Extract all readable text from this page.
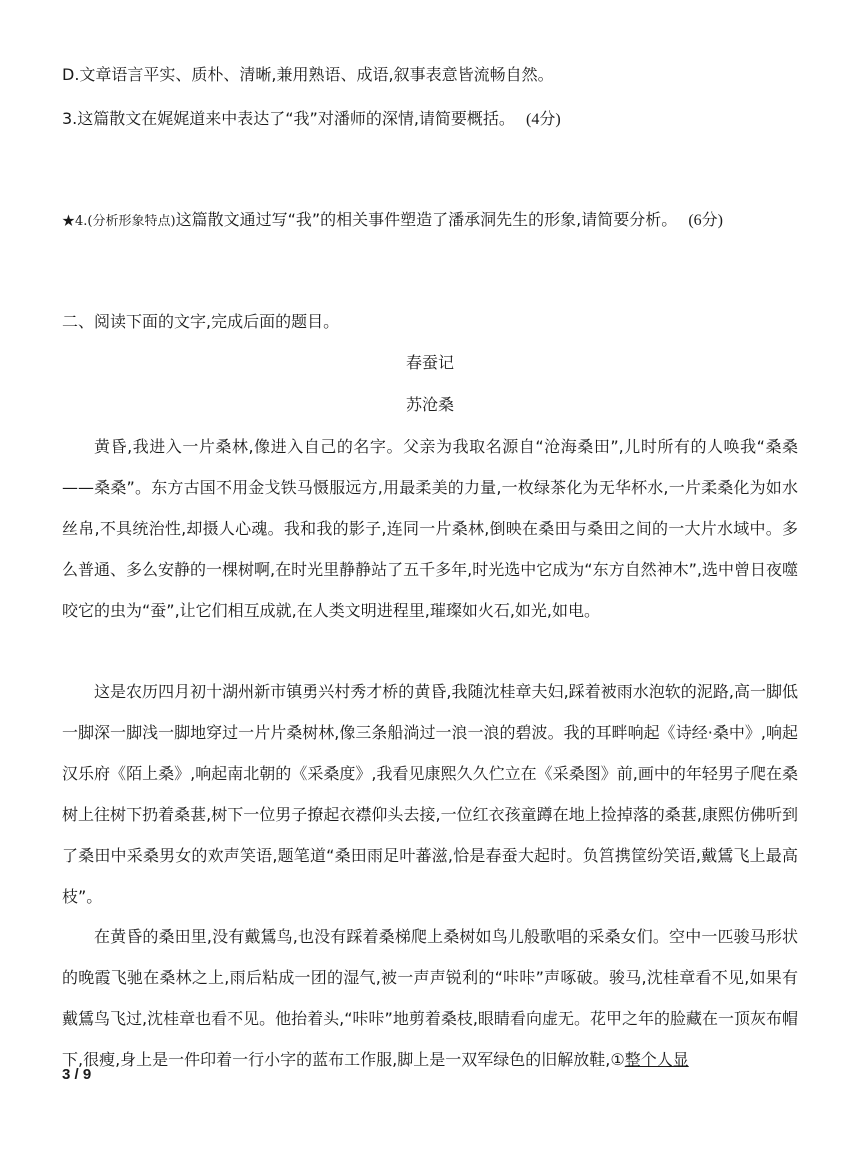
D.文章语言平实、质朴、清晰,兼用熟语、成语,叙事表意皆流畅自然。
3.这篇散文在娓娓道来中表达了“我”对潘师的深情,请简要概括。 (4分)
★4.(分析形象特点)这篇散文通过写“我”的相关事件塑造了潘承洞先生的形象,请简要分析。 (6分)
二、阅读下面的文字,完成后面的题目。
春蚕记
苏沧桑

黄昏,我进入一片桑林,像进入自己的名字。父亲为我取名源自“沧海桑田”,儿时所有的人唤我“桑桑——桑桑”。东方古国不用金戈铁马慑服远方,用最柔美的力量,一枚绿茶化为无华杯水,一片柔桑化为如水丝帛,不具统治性,却摄人心魂。我和我的影子,连同一片桑林,倒映在桑田与桑田之间的一大片水域中。多么普通、多么安静的一棵树啊,在时光里静静站了五千多年,时光选中它成为“东方自然神木”,选中曾日夜噬咬它的虫为“蚕”,让它们相互成就,在人类文明进程里,璀璨如火石,如光,如电。

这是农历四月初十湖州新市镇勇兴村秀才桥的黄昏,我随沈桂章夫妇,踩着被雨水泡软的泥路,高一脚低一脚深一脚浅一脚地穿过一片片桑树林,像三条船淌过一浪一浪的碧波。我的耳畔响起《诗经·桑中》,响起汉乐府《陌上桑》,响起南北朝的《采桑度》,我看见康熙久久伫立在《采桑图》前,画中的年轻男子爬在桑树上往树下扔着桑葚,树下一位男子撩起衣襟仰头去接,一位红衣孩童蹲在地上捡掉落的桑葚,康熙仿佛听到了桑田中采桑男女的欢声笑语,题笔道“桑田雨足叶蕃滋,恰是春蚕大起时。负筥携筐纷笑语,戴鵀飞上最高枝”。

在黄昏的桑田里,没有戴鵀鸟,也没有踩着桑梯爬上桑树如鸟儿般歌唱的采桑女们。空中一匹骏马形状的晚霞飞驰在桑林之上,雨后粘成一团的湿气,被一声声锐利的“咔咔”声啄破。骏马,沈桂章看不见,如果有戴鵀鸟飞过,沈桂章也看不见。他抬着头,“咔咔”地剪着桑枝,眼睛看向虚无。花甲之年的脸藏在一顶灰布帽下,很瘦,身上是一件印着一行小字的蓝布工作服,脚上是一双军绿色的旧解放鞋,①整个人显

3 / 9
